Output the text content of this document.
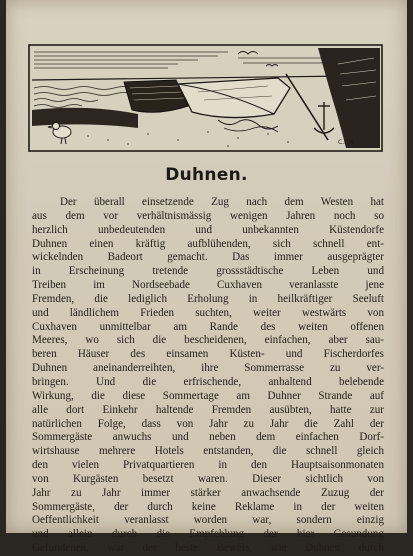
C.F.M.
Duhnen.
Der überall einsetzende Zug nach dem Westen hat
aus dem vor verhältnismässig wenigen Jahren noch so
herzlich unbedeutenden und unbekannten Küstendorfe
Duhnen einen kräftig aufblühenden, sich schnell ent-
wickelnden Badeort gemacht. Das immer ausgeprägter
in Erscheinung tretende grossstädtische Leben und
Treiben im Nordseebade Cuxhaven veranlasste jene
Fremden, die lediglich Erholung in heilkräftiger Seeluft
und ländlichem Frieden suchten, weiter westwärts von
Cuxhaven unmittelbar am Rande des weiten offenen
Meeres, wo sich die bescheidenen, einfachen, aber sau-
beren Häuser des einsamen Küsten- und Fischerdorfes
Duhnen aneinanderreihten, ihre Sommerrasse zu ver-
bringen. Und die erfrischende, anhaltend belebende
Wirkung, die diese Sommertage am Duhner Strande auf
alle dort Einkehr haltende Fremden ausübten, hatte zur
natürlichen Folge, dass von Jahr zu Jahr die Zahl der
Sommergäste anwuchs und neben dem einfachen Dorf-
wirtshause mehrere Hotels entstanden, die schnell gleich
den vielen Privatquartieren in den Hauptsaisonmonaten
von Kurgästen besetzt waren. Dieser sichtlich von
Jahr zu Jahr immer stärker anwachsende Zuzug der
Sommergäste, der durch keine Reklame in der weiten
Oeffentlichkeit veranlasst worden war, sondern einzig
und allein durch die Empfehlung der hier Gesundung
Gefundenen, war der beste Beweis, wie Duhnen durch
